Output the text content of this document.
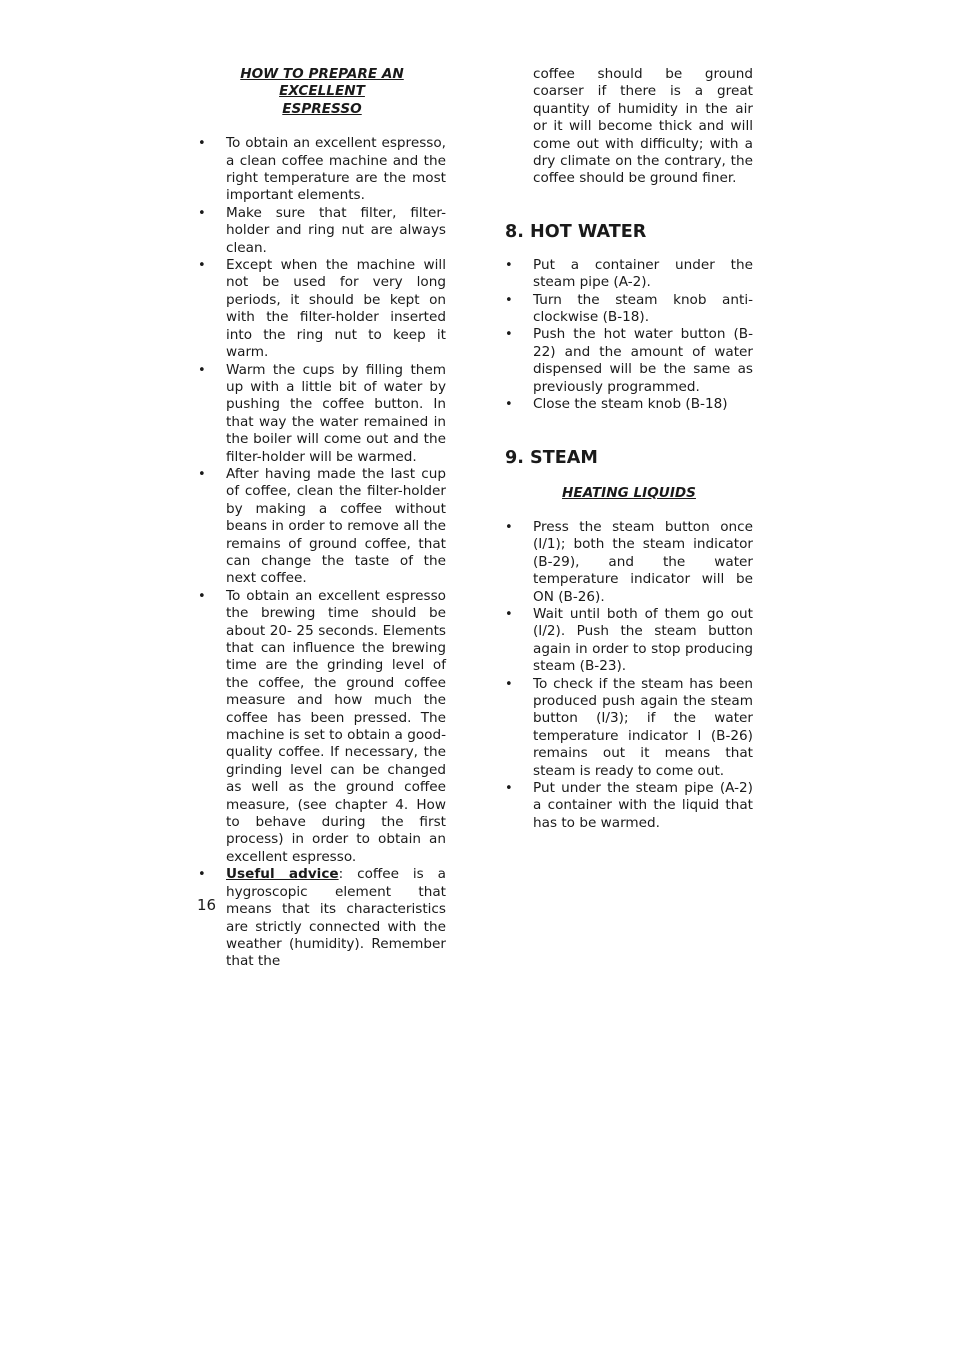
HOW TO PREPARE AN EXCELLENT
ESPRESSO

• To obtain an excellent espresso, a clean coffee machine and the right temperature are the most important elements.
• Make sure that filter, filter-holder and ring nut are always clean.
• Except when the machine will not be used for very long periods, it should be kept on with the filter-holder inserted into the ring nut to keep it warm.
• Warm the cups by filling them up with a little bit of water by pushing the coffee button. In that way the water remained in the boiler will come out and the filter-holder will be warmed.
• After having made the last cup of coffee, clean the filter-holder by making a coffee without beans in order to remove all the remains of ground coffee, that can change the taste of the next coffee.
• To obtain an excellent espresso the brewing time should be about 20- 25 seconds. Elements that can influence the brewing time are the grinding level of the coffee, the ground coffee measure and how much the coffee has been pressed. The machine is set to obtain a good-quality coffee. If necessary, the grinding level can be changed as well as the ground coffee measure, (see chapter 4. How to behave during the first process) in order to obtain an excellent espresso.
• Useful advice: coffee is a hygroscopic element that means that its characteristics are strictly connected with the weather (humidity). Remember that the

coffee should be ground coarser if there is a great quantity of humidity in the air or it will become thick and will come out with difficulty; with a dry climate on the contrary, the coffee should be ground finer.

8. HOT WATER
• Put a container under the steam pipe (A-2).
• Turn the steam knob anti-clockwise (B-18).
• Push the hot water button (B-22) and the amount of water dispensed will be the same as previously programmed.
• Close the steam knob (B-18)
9. STEAM

HEATING LIQUIDS

• Press the steam button once (I/1); both the steam indicator (B-29), and the water temperature indicator will be ON (B-26).
• Wait until both of them go out (I/2). Push the steam button again in order to stop producing steam (B-23).
• To check if the steam has been produced push again the steam button (I/3); if the water temperature indicator l (B-26) remains out it means that steam is ready to come out.
• Put under the steam pipe (A-2) a container with the liquid that has to be warmed.
16
